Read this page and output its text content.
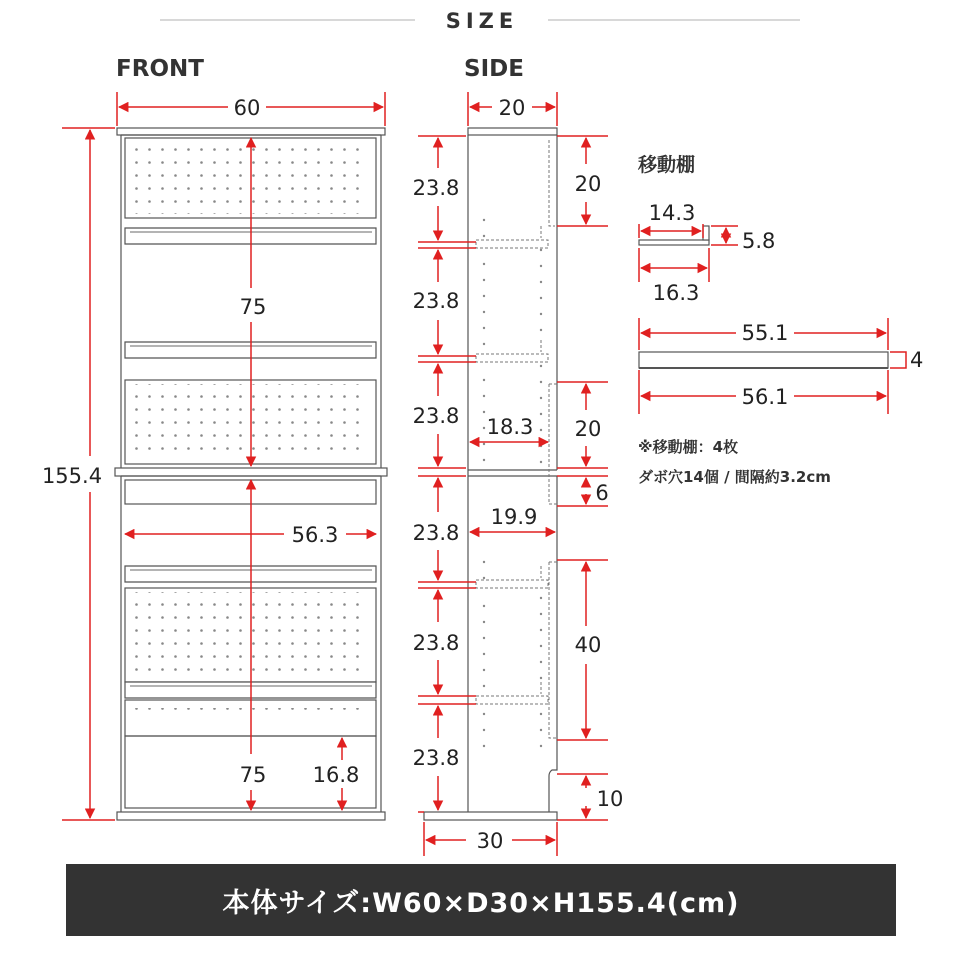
SIZE
FRONT	SIDE
60
155.4
75
75
56.3
16.8
20
30
23.8
23.8
23.8
23.8
23.8
23.8
20
20
6
40
10
18.3
19.9
移動棚
14.3
5.8
16.3
55.1
4
56.1
※移動棚：4枚
ダボ穴14個 / 間隔約3.2cm
本体サイズ:W60×D30×H155.4(cm)
